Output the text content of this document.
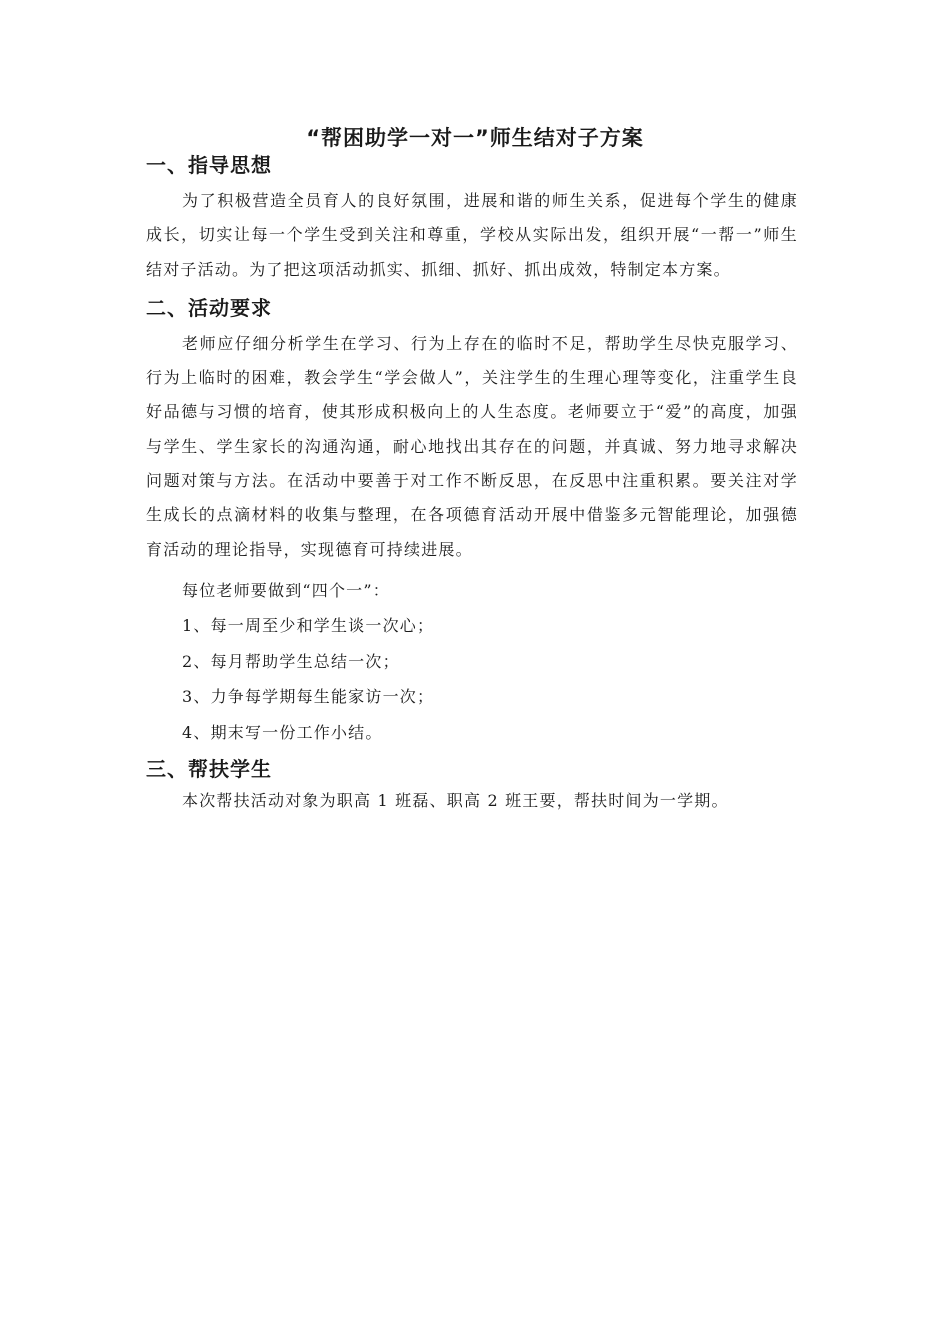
“帮困助学一对一”师生结对子方案
一、指导思想

为了积极营造全员育人的良好氛围，进展和谐的师生关系，促进每个学生的健康成长，切实让每一个学生受到关注和尊重，学校从实际出发，组织开展“一帮一”师生结对子活动。为了把这项活动抓实、抓细、抓好、抓出成效，特制定本方案。

二、活动要求

老师应仔细分析学生在学习、行为上存在的临时不足，帮助学生尽快克服学习、行为上临时的困难，教会学生“学会做人”，关注学生的生理心理等变化，注重学生良好品德与习惯的培育，使其形成积极向上的人生态度。老师要立于“爱”的高度，加强与学生、学生家长的沟通沟通，耐心地找出其存在的问题，并真诚、努力地寻求解决问题对策与方法。在活动中要善于对工作不断反思，在反思中注重积累。要关注对学生成长的点滴材料的收集与整理，在各项德育活动开展中借鉴多元智能理论，加强德育活动的理论指导，实现德育可持续进展。

每位老师要做到“四个一”：

1、每一周至少和学生谈一次心；
2、每月帮助学生总结一次；
3、力争每学期每生能家访一次；
4、期末写一份工作小结。
三、帮扶学生

本次帮扶活动对象为职高 1 班磊、职高 2 班王要，帮扶时间为一学期。
